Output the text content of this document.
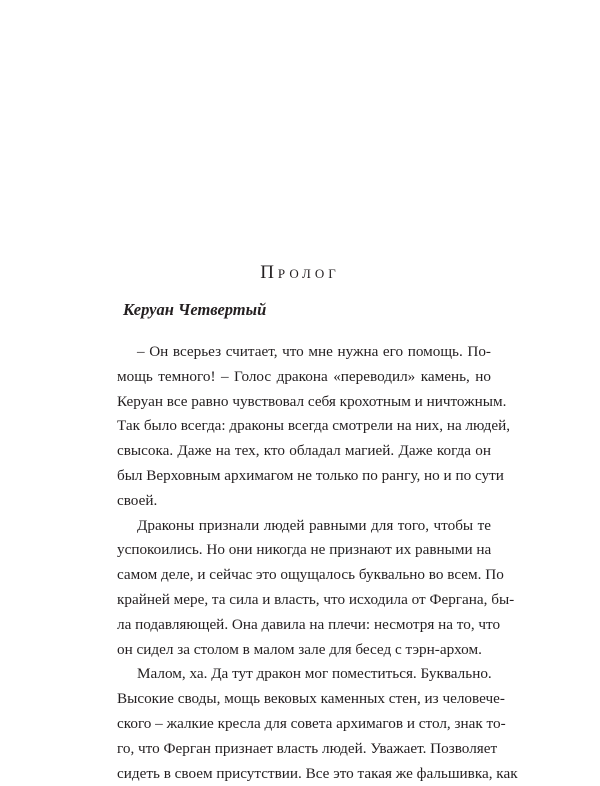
Пролог
Керуан Четвертый

– Он всерьез считает, что мне нужна его помощь. По-
мощь темного! – Голос дракона «переводил» камень, но
Керуан все равно чувствовал себя крохотным и ничтожным.
Так было всегда: драконы всегда смотрели на них, на людей,
свысока. Даже на тех, кто обладал магией. Даже когда он
был Верховным архимагом не только по рангу, но и по сути
своей.

Драконы признали людей равными для того, чтобы те
успокоились. Но они никогда не признают их равными на
самом деле, и сейчас это ощущалось буквально во всем. По
крайней мере, та сила и власть, что исходила от Фергана, бы-
ла подавляющей. Она давила на плечи: несмотря на то, что
он сидел за столом в малом зале для бесед с тэрн-архом.

Малом, ха. Да тут дракон мог поместиться. Буквально.
Высокие своды, мощь вековых каменных стен, из человече-
ского – жалкие кресла для совета архимагов и стол, знак то-
го, что Ферган признает власть людей. Уважает. Позволяет
сидеть в своем присутствии. Все это такая же фальшивка, как
